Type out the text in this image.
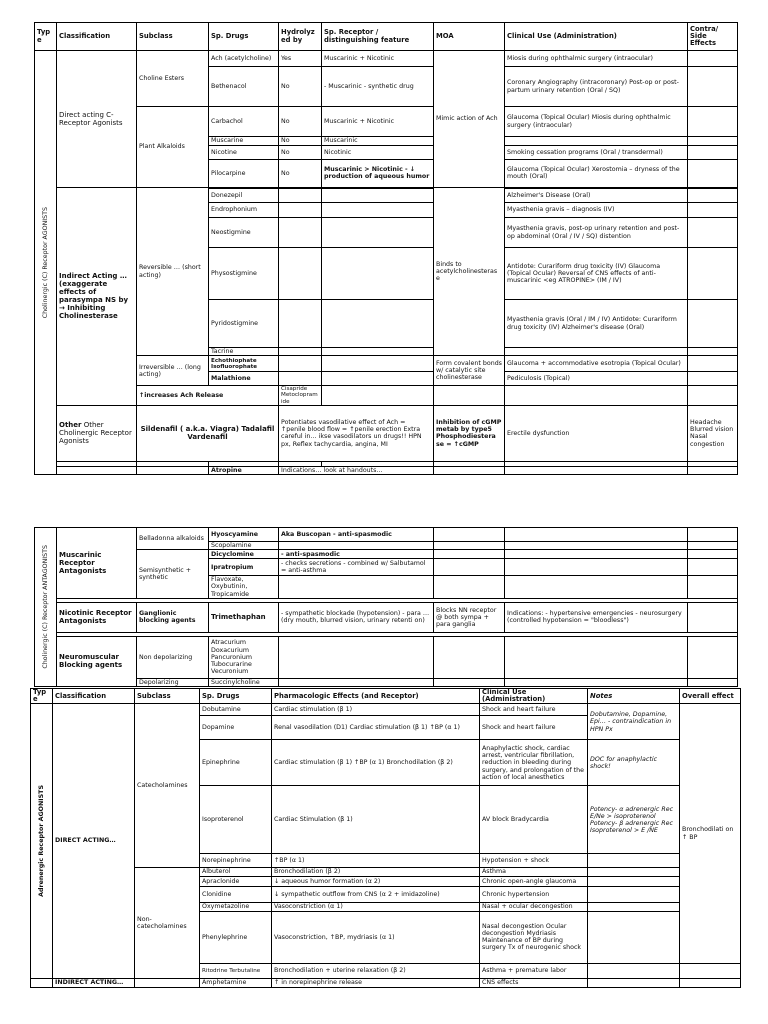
Typ e	Classification	Subclass	Sp. Drugs	Hydrolyz ed by	Sp. Receptor / distinguishing feature	MOA	Clinical Use (Administration)	Contra/ Side Effects	

Cholinergic (C) Receptor AGONISTS	Direct acting C-Receptor Agonists	Choline Esters	Ach (acetylcholine)	Yes	Muscarinic + Nicotinic	Mimic action of Ach	Miosis during ophthalmic surgery (intraocular)		
			Bethenacol	No	- Muscarinic - synthetic drug		Coronary Angiography (intracoronary) Post-op or post-partum urinary retention (Oral / SQ)		
		Plant Alkaloids	Carbachol	No	Muscarinic + Nicotinic		Glaucoma (Topical Ocular) Miosis during ophthalmic surgery (intraocular)		
			Muscarine	No	Muscarinic				
			Nicotine	No	Nicotinic		Smoking cessation programs (Oral / transdermal)		
			Pilocarpine	No	Muscarinic > Nicotinic - ↓ production of aqueous humor		Glaucoma (Topical Ocular) Xerostomia – dryness of the mouth (Oral)		
	Indirect Acting … (exaggerate effects of parasympa NS by → Inhibiting Cholinesterase	Reversible … (short acting)	Donezepil			Binds to acetylcholinesteras e	Alzheimer's Disease (Oral)		
			Endrophonium				Myasthenia gravis – diagnosis (IV)		
			Neostigmine				Myasthenia gravis, post-op urinary retention and post-op abdominal (Oral / IV / SQ) distention		
			Physostigmine				Antidote: Curariform drug toxicity (IV) Glaucoma (Topical Ocular) Reversal of CNS effects of anti-muscarinic <eg ATROPINE> (IM / IV)		
			Pyridostigmine				Myasthenia gravis (Oral / IM / IV) Antidote: Curariform drug toxicity (IV) Alzheimer's disease (Oral)		
			Tacrine						
		Irreversible … (long acting)	Echothiophate Isofluorophate			Form covalent bonds w/ catalytic site cholinesterase	Glaucoma + accommodative esotropia (Topical Ocular)		
			Malathione				Pediculosis (Topical)		
		↑increases Ach Release		Cisapride Metoclopramide					
	Other Other Cholinergic Receptor Agonists	Sildenafil ( a.k.a. Viagra) Tadalafil Vardenafil		Potentiates vasodilative effect of Ach = ↑penile blood flow = ↑penile erection Extra careful in… ikse vasodilators un drugs!! HPN px, Reflex tachycardia, angina, MI		Inhibition of cGMP metab by type5 Phosphodiestera se = ↑cGMP	Erectile dysfunction	Headache Blurred vision Nasal congestion	

			Atropine	Indications… look at handouts…					
Cholinergic (C) Receptor ANTAGONISTS	Muscarinic Receptor Antagonists	Belladonna alkaloids	Hyoscyamine	Aka Buscopan - anti-spasmodic			
			Scopolamine				
		Semisynthetic + synthetic	Dicyclomine	- anti-spasmodic			
			Ipratropium	- checks secretions - combined w/ Salbutamol = anti-asthma			
			Flavoxate, Oxybutinin, Tropicamide				

	Nicotinic Receptor Antagonists	Ganglionic blocking agents	Trimethaphan	- sympathetic blockade (hypotension) - para … (dry mouth, blurred vision, urinary retenti on)	Blocks NN receptor @ both sympa + para ganglia	Indications: - hypertensive emergencies - neurosurgery (controlled hypotension = "bloodless")	

	Neuromuscular Blocking agents	Non depolarizing	Atracurium Doxacurium Pancuronium Tubocurarine Vecuronium				
		Depolarizing	Succinylcholine				
Typ e	Classification	Subclass	Sp. Drugs	Pharmacologic Effects (and Receptor)	Clinical Use (Administration)	Notes	Overall effect

Adrenergic Receptor AGONISTS	DIRECT ACTING…	Catecholamines	Dobutamine	Cardiac stimulation (β 1)	Shock and heart failure	Dobutamine, Dopamine, Epi… - contraindication in HPN Px	Bronchodilati on ↑ BP
			Dopamine	Renal vasodilation (D1) Cardiac stimulation (β 1) ↑BP (α 1)	Shock and heart failure		
			Epinephrine	Cardiac stimulation (β 1) ↑BP (α 1) Bronchodilation (β 2)	Anaphylactic shock, cardiac arrest, ventricular fibrillation, reduction in bleeding during surgery, and prolongation of the action of local anesthetics	DOC for anaphylactic shock!	
			Isoproterenol	Cardiac Stimulation (β 1)	AV block Bradycardia	Potency- α adrenergic Rec E/Ne > isoproterenol Potency- β adrenergic Rec Isoproterenol > E /NE	
			Norepinephrine	↑BP (α 1)	Hypotension + shock		
		Non-catecholamines	Albuterol	Bronchodilation (β 2)	Asthma		
			Apraclonide	↓ aqueous humor formation (α 2)	Chronic open-angle glaucoma		
			Clonidine	↓ sympathetic outflow from CNS (α 2 + imidazoline)	Chronic hypertension		
			Oxymetazoline	Vasoconstriction (α 1)	Nasal + ocular decongestion		
			Phenylephrine	Vasoconstriction, ↑BP, mydriasis (α 1)	Nasal decongestion Ocular decongestion Mydriasis Maintenance of BP during surgery Tx of neurogenic shock		
			Ritodrine Terbutaline	Bronchodilation + uterine relaxation (β 2)	Asthma + premature labor		
	INDIRECT ACTING…		Amphetamine	↑ in norepinephrine release	CNS effects		
